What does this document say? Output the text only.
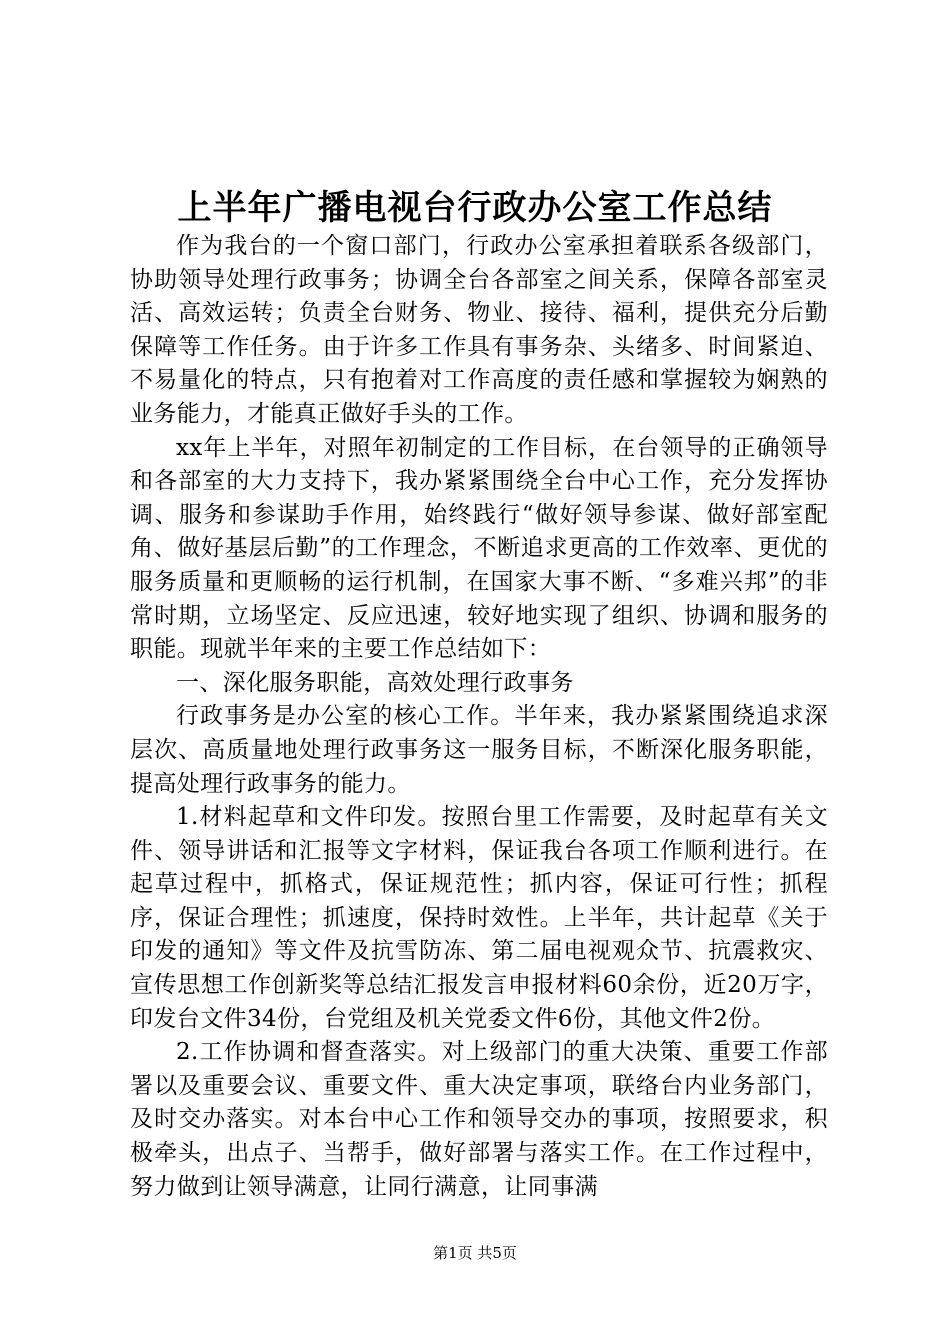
上半年广播电视台行政办公室工作总结

作为我台的一个窗口部门，行政办公室承担着联系各级部门，协助领导处理行政事务；协调全台各部室之间关系，保障各部室灵活、高效运转；负责全台财务、物业、接待、福利，提供充分后勤保障等工作任务。由于许多工作具有事务杂、头绪多、时间紧迫、不易量化的特点，只有抱着对工作高度的责任感和掌握较为娴熟的业务能力，才能真正做好手头的工作。

xx年上半年，对照年初制定的工作目标，在台领导的正确领导和各部室的大力支持下，我办紧紧围绕全台中心工作，充分发挥协调、服务和参谋助手作用，始终践行“做好领导参谋、做好部室配角、做好基层后勤”的工作理念，不断追求更高的工作效率、更优的服务质量和更顺畅的运行机制，在国家大事不断、“多难兴邦”的非常时期，立场坚定、反应迅速，较好地实现了组织、协调和服务的职能。现就半年来的主要工作总结如下：

一、深化服务职能，高效处理行政事务

行政事务是办公室的核心工作。半年来，我办紧紧围绕追求深层次、高质量地处理行政事务这一服务目标，不断深化服务职能，提高处理行政事务的能力。

1.材料起草和文件印发。按照台里工作需要，及时起草有关文件、领导讲话和汇报等文字材料，保证我台各项工作顺利进行。在起草过程中，抓格式，保证规范性；抓内容，保证可行性；抓程序，保证合理性；抓速度，保持时效性。上半年，共计起草《关于印发的通知》等文件及抗雪防冻、第二届电视观众节、抗震救灾、宣传思想工作创新奖等总结汇报发言申报材料60余份，近20万字，印发台文件34份，台党组及机关党委文件6份，其他文件2份。

2.工作协调和督查落实。对上级部门的重大决策、重要工作部署以及重要会议、重要文件、重大决定事项，联络台内业务部门，及时交办落实。对本台中心工作和领导交办的事项，按照要求，积极牵头，出点子、当帮手，做好部署与落实工作。在工作过程中，努力做到让领导满意，让同行满意，让同事满

第1页 共5页
